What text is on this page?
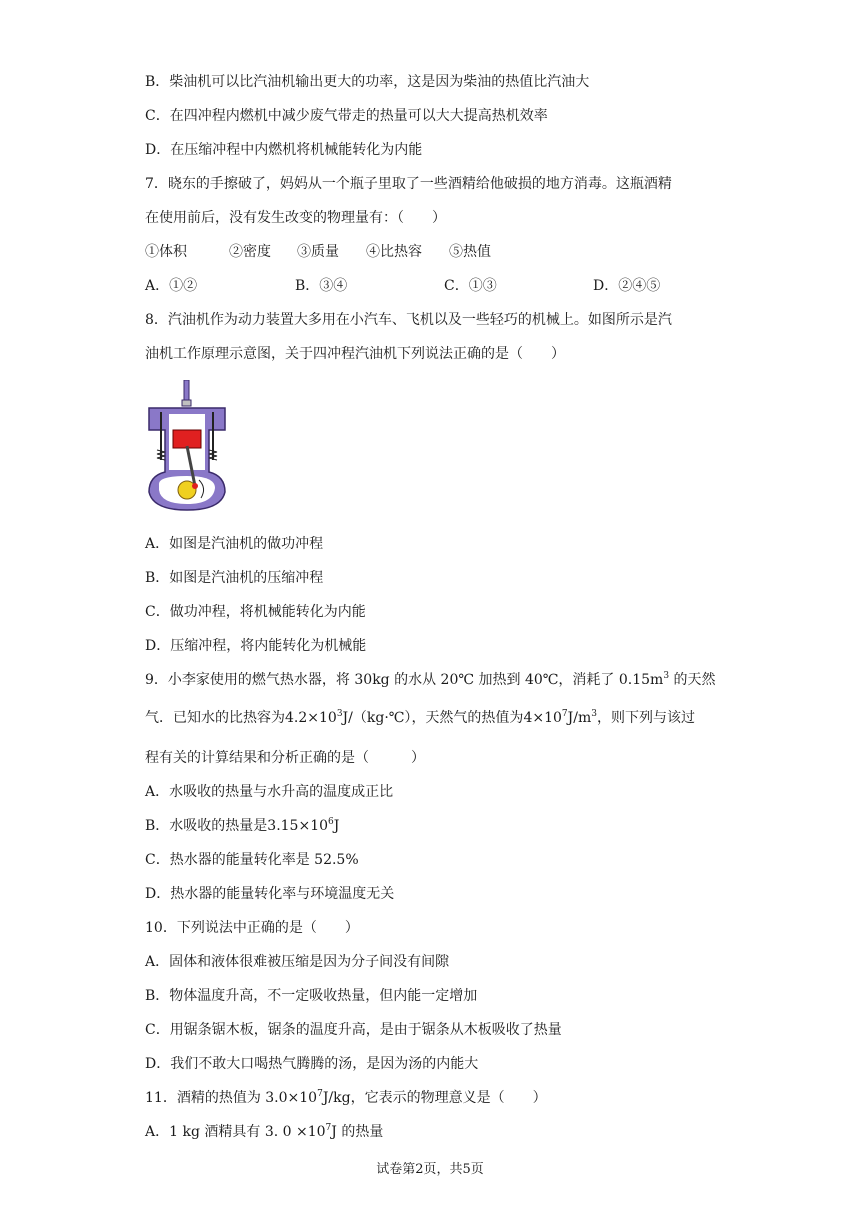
B．柴油机可以比汽油机输出更大的功率，这是因为柴油的热值比汽油大
C．在四冲程内燃机中减少废气带走的热量可以大大提高热机效率
D．在压缩冲程中内燃机将机械能转化为内能
7．晓东的手擦破了，妈妈从一个瓶子里取了一些酒精给他破损的地方消毒。这瓶酒精
在使用前后，没有发生改变的物理量有：（　　）
①体积	②密度 ③质量 ④比热容 ⑤热值
A．①②	B．③④	C．①③	D．②④⑤
8．汽油机作为动力装置大多用在小汽车、飞机以及一些轻巧的机械上。如图所示是汽
油机工作原理示意图，关于四冲程汽油机下列说法正确的是（　　）
A．如图是汽油机的做功冲程
B．如图是汽油机的压缩冲程
C．做功冲程，将机械能转化为内能
D．压缩冲程，将内能转化为机械能
9．小李家使用的燃气热水器，将 30kg 的水从 20℃ 加热到 40℃，消耗了 $0.15m^3$ 的天然
气．已知水的比热容为$4.2\times 10^3J/(kg\cdot℃)$，天然气的热值为$4\times 10^7J/m^3$，则下列与该过
程有关的计算结果和分析正确的是（　　　）
A．水吸收的热量与水升高的温度成正比
B．水吸收的热量是$3.15\times 10^6J$
C．热水器的能量转化率是 52.5%
D．热水器的能量转化率与环境温度无关
10．下列说法中正确的是（　　）
A．固体和液体很难被压缩是因为分子间没有间隙
B．物体温度升高，不一定吸收热量，但内能一定增加
C．用锯条锯木板，锯条的温度升高，是由于锯条从木板吸收了热量
D．我们不敢大口喝热气腾腾的汤，是因为汤的内能大
11．酒精的热值为 $3.0\times 10^7J/kg$，它表示的物理意义是（　　）
A．1 kg 酒精具有 3. $0 \times 10^7J$ 的热量
试卷第2页，共5页
